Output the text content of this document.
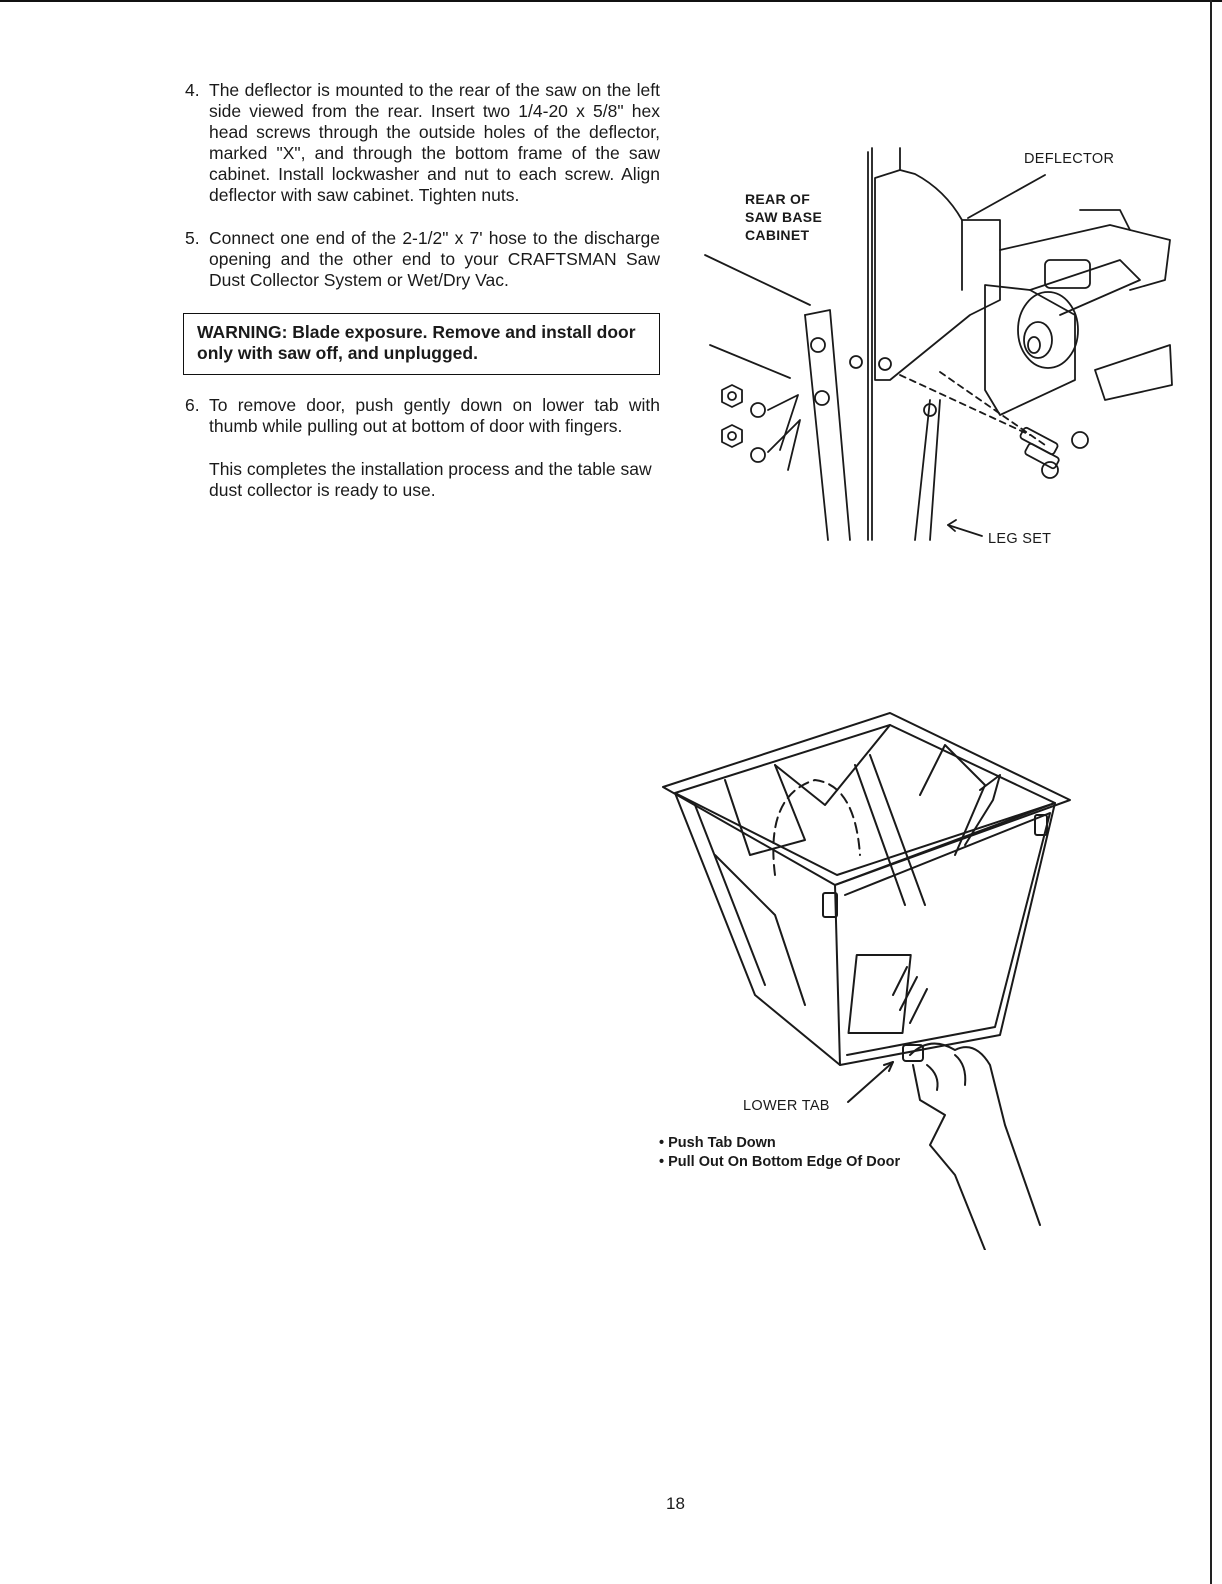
4. The deflector is mounted to the rear of the saw on the left side viewed from the rear. Insert two 1/4-20 x 5/8" hex head screws through the outside holes of the deflector, marked "X", and through the bottom frame of the saw cabinet. Install lockwasher and nut to each screw. Align deflector with saw cabinet. Tighten nuts.
5. Connect one end of the 2-1/2" x 7' hose to the discharge opening and the other end to your CRAFTSMAN Saw Dust Collector System or Wet/Dry Vac.
WARNING: Blade exposure. Remove and install door only with saw off, and unplugged.
6. To remove door, push gently down on lower tab with thumb while pulling out at bottom of door with fingers.

This completes the installation process and the table saw dust collector is ready to use.

REAR OF
SAW BASE
CABINET
DEFLECTOR
LEG SET
LOWER TAB
• Push Tab Down
• Pull Out On Bottom Edge Of Door
18
